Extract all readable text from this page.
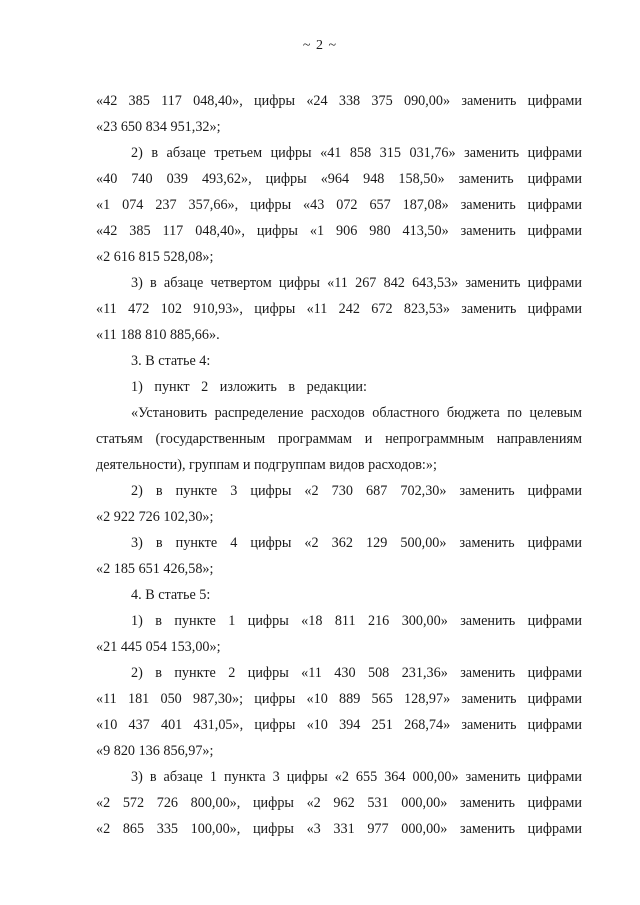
~ 2 ~
«42 385 117 048,40», цифры «24 338 375 090,00» заменить цифрами
«23 650 834 951,32»;
2) в абзаце третьем цифры «41 858 315 031,76» заменить цифрами
«40 740 039 493,62», цифры «964 948 158,50» заменить цифрами
«1 074 237 357,66», цифры «43 072 657 187,08» заменить цифрами
«42 385 117 048,40», цифры «1 906 980 413,50» заменить цифрами
«2 616 815 528,08»;
3) в абзаце четвертом цифры «11 267 842 643,53» заменить цифрами
«11 472 102 910,93», цифры «11 242 672 823,53» заменить цифрами
«11 188 810 885,66».
3. В статье 4:
1) пункт 2 изложить в редакции:
«Установить распределение расходов областного бюджета по целевым
статьям (государственным программам и непрограммным направлениям
деятельности), группам и подгруппам видов расходов:»;
2) в пункте 3 цифры «2 730 687 702,30» заменить цифрами
«2 922 726 102,30»;
3) в пункте 4 цифры «2 362 129 500,00» заменить цифрами
«2 185 651 426,58»;
4. В статье 5:
1) в пункте 1 цифры «18 811 216 300,00» заменить цифрами
«21 445 054 153,00»;
2) в пункте 2 цифры «11 430 508 231,36» заменить цифрами
«11 181 050 987,30»; цифры «10 889 565 128,97» заменить цифрами
«10 437 401 431,05», цифры «10 394 251 268,74» заменить цифрами
«9 820 136 856,97»;
3) в абзаце 1 пункта 3 цифры «2 655 364 000,00» заменить цифрами
«2 572 726 800,00», цифры «2 962 531 000,00» заменить цифрами
«2 865 335 100,00», цифры «3 331 977 000,00» заменить цифрами
